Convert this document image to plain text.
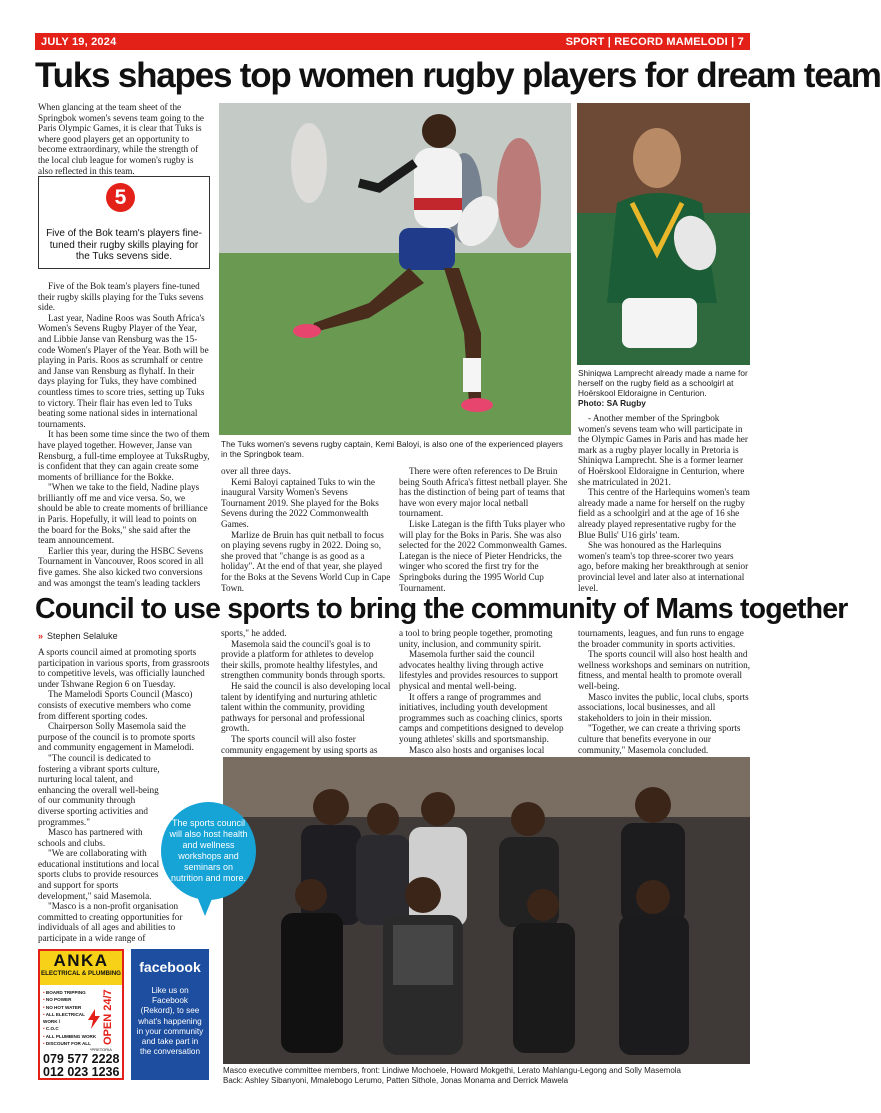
JULY 19, 2024	SPORT | RECORD MAMELODI | 7
Tuks shapes top women rugby players for dream team

When glancing at the team sheet of the Springbok women's sevens team going to the Paris Olympic Games, it is clear that Tuks is where good players get an opportunity to become extraordinary, while the strength of the local club league for women's rugby is also reflected in this team.

5
Five of the Bok team's players fine-tuned their rugby skills playing for the Tuks sevens side.

Five of the Bok team's players fine-tuned their rugby skills playing for the Tuks sevens side.

Last year, Nadine Roos was South Africa's Women's Sevens Rugby Player of the Year, and Libbie Janse van Rensburg was the 15-code Women's Player of the Year. Both will be playing in Paris. Roos as scrumhalf or centre and Janse van Rensburg as flyhalf. In their days playing for Tuks, they have combined countless times to score tries, setting up Tuks to victory. Their flair has even led to Tuks beating some national sides in international tournaments.

It has been some time since the two of them have played together. However, Janse van Rensburg, a full-time employee at TuksRugby, is confident that they can again create some moments of brilliance for the Bokke.

"When we take to the field, Nadine plays brilliantly off me and vice versa. So, we should be able to create moments of brilliance in Paris. Hopefully, it will lead to points on the board for the Boks," she said after the team announcement.

Earlier this year, during the HSBC Sevens Tournament in Vancouver, Roos scored in all five games. She also kicked two conversions and was amongst the team's leading tacklers

The Tuks women's sevens rugby captain, Kemi Baloyi, is also one of the experienced players in the Springbok team.
Shiniqwa Lamprecht already made a name for herself on the rugby field as a schoolgirl at Hoërskool Eldoraigne in Centurion.
Photo: SA Rugby

over all three days.

Kemi Baloyi captained Tuks to win the inaugural Varsity Women's Sevens Tournament 2019. She played for the Boks Sevens during the 2022 Commonwealth Games.

Marlize de Bruin has quit netball to focus on playing sevens rugby in 2022. Doing so, she proved that "change is as good as a holiday". At the end of that year, she played for the Boks at the Sevens World Cup in Cape Town.

There were often references to De Bruin being South Africa's fittest netball player. She has the distinction of being part of teams that have won every major local netball tournament.

Liske Lategan is the fifth Tuks player who will play for the Boks in Paris. She was also selected for the 2022 Commonwealth Games. Lategan is the niece of Pieter Hendricks, the winger who scored the first try for the Springboks during the 1995 World Cup Tournament.

- Another member of the Springbok women's sevens team who will participate in the Olympic Games in Paris and has made her mark as a rugby player locally in Pretoria is Shiniqwa Lamprecht. She is a former learner of Hoërskool Eldoraigne in Centurion, where she matriculated in 2021.

This centre of the Harlequins women's team already made a name for herself on the rugby field as a schoolgirl and at the age of 16 she already played representative rugby for the Blue Bulls' U16 girls' team.

She was honoured as the Harlequins women's team's top three-scorer two years ago, before making her breakthrough at senior provincial level and later also at international level.

Council to use sports to bring the community of Mams together
» Stephen Selaluke

A sports council aimed at promoting sports participation in various sports, from grassroots to competitive levels, was officially launched under Tshwane Region 6 on Tuesday.

The Mamelodi Sports Council (Masco) consists of executive members who come from different sporting codes.

Chairperson Solly Masemola said the purpose of the council is to promote sports and community engagement in Mamelodi.

"The council is dedicated to fostering a vibrant sports culture, nurturing local talent, and enhancing the overall well-being of our community through diverse sporting activities and programmes."

Masco has partnered with schools and clubs.

"We are collaborating with educational institutions and local sports clubs to provide resources and support for sports development," said Masemola.

"Masco is a non-profit organisation committed to creating opportunities for individuals of all ages and abilities to participate in a wide range of

sports," he added.

Masemola said the council's goal is to provide a platform for athletes to develop their skills, promote healthy lifestyles, and strengthen community bonds through sports.

He said the council is also developing local talent by identifying and nurturing athletic talent within the community, providing pathways for personal and professional growth.

The sports council will also foster community engagement by using sports as

a tool to bring people together, promoting unity, inclusion, and community spirit.

Masemola further said the council advocates healthy living through active lifestyles and provides resources to support physical and mental well-being.

It offers a range of programmes and initiatives, including youth development programmes such as coaching clinics, sports camps and competitions designed to develop young athletes' skills and sportsmanship.

Masco also hosts and organises local

tournaments, leagues, and fun runs to engage the broader community in sports activities.

The sports council will also host health and wellness workshops and seminars on nutrition, fitness, and mental health to promote overall well-being.

Masco invites the public, local clubs, sports associations, local businesses, and all stakeholders to join in their mission.

"Together, we can create a thriving sports culture that benefits everyone in our community," Masemola concluded.

Masco executive committee members, front: Lindiwe Mochoele, Howard Mokgethi, Lerato Mahlangu-Legong and Solly Masemola
Back: Ashley Sibanyoni, Mmalebogo Lerumo, Patten Sithole, Jonas Monama and Derrick Mawela
The sports council will also host health and wellness workshops and seminars on nutrition and more.
ANKA
ELECTRICAL & PLUMBING
• BOARD TRIPPING
• NO POWER
• NO HOT WATER
• ALL ELECTRICAL WORK /
• C.O.C
• ALL PLUMBING WORK
• DISCOUNT FOR ALL	OPEN 24/7
*PRETORIA
079 577 2228
012 023 1236
facebook
Like us on Facebook (Rekord), to see what's happening in your community and take part in the conversation
